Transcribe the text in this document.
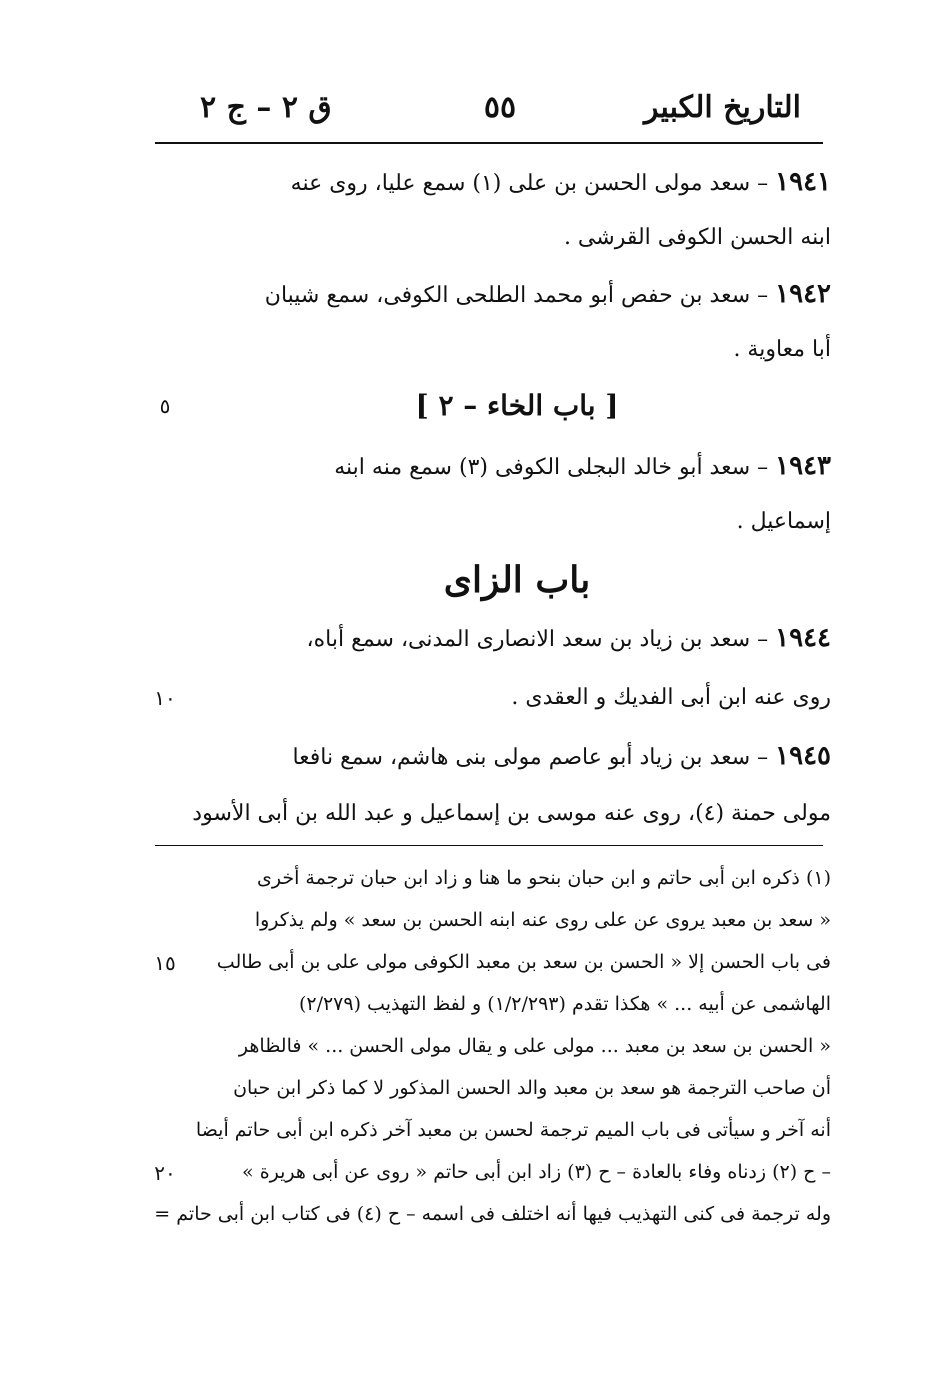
التاريخ الكبير
٥٥
ق ٢ – ج ٢
١٩٤١ – سعد مولى الحسن بن على (١) سمع عليا، روى عنه
ابنه الحسن الكوفى القرشى .
١٩٤٢ – سعد بن حفص أبو محمد الطلحى الكوفى، سمع شيبان
أبا معاوية .
[ باب الخاء – ٢ ]
١٩٤٣ – سعد أبو خالد البجلى الكوفى (٣) سمع منه ابنه
إسماعيل .
باب الزاى
١٩٤٤ – سعد بن زياد بن سعد الانصارى المدنى، سمع أباه،
روى عنه ابن أبى الفديك و العقدى .
١٩٤٥ – سعد بن زياد أبو عاصم مولى بنى هاشم، سمع نافعا
مولى حمنة (٤)، روى عنه موسى بن إسماعيل و عبد الله بن أبى الأسود
(١) ذكره ابن أبى حاتم و ابن حبان بنحو ما هنا و زاد ابن حبان ترجمة أخرى
« سعد بن معبد يروى عن على روى عنه ابنه الحسن بن سعد » ولم يذكروا
فى باب الحسن إلا « الحسن بن سعد بن معبد الكوفى مولى على بن أبى طالب
الهاشمى عن أبيه ... » هكذا تقدم (١/٢/٢٩٣) و لفظ التهذيب (٢/٢٧٩)
« الحسن بن سعد بن معبد ... مولى على و يقال مولى الحسن ... » فالظاهر
أن صاحب الترجمة هو سعد بن معبد والد الحسن المذكور لا كما ذكر ابن حبان
أنه آخر و سيأتى فى باب الميم ترجمة لحسن بن معبد آخر ذكره ابن أبى حاتم أيضا
– ح (٢) زدناه وفاء بالعادة – ح (٣) زاد ابن أبى حاتم « روى عن أبى هريرة »
وله ترجمة فى كنى التهذيب فيها أنه اختلف فى اسمه – ح (٤) فى كتاب ابن أبى حاتم =
٥
١٠
١٥
٢٠
